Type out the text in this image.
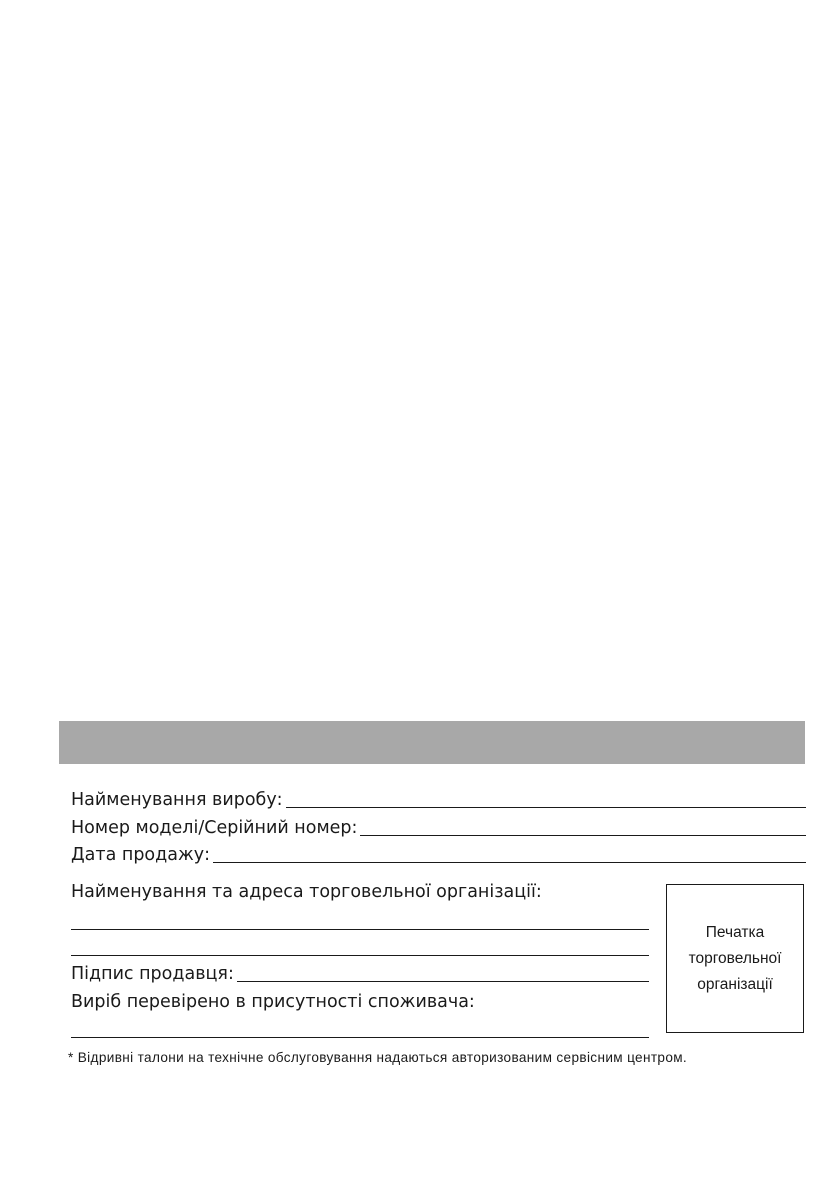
Найменування виробу:
Номер моделі/Серійний номер:
Дата продажу:
Найменування та адреса торговельної організації:
Підпис продавця:
Виріб перевірено в присутності споживача:
Печатка
торговельної
організації
* Відривні талони на технічне обслуговування надаються авторизованим сервісним центром.
